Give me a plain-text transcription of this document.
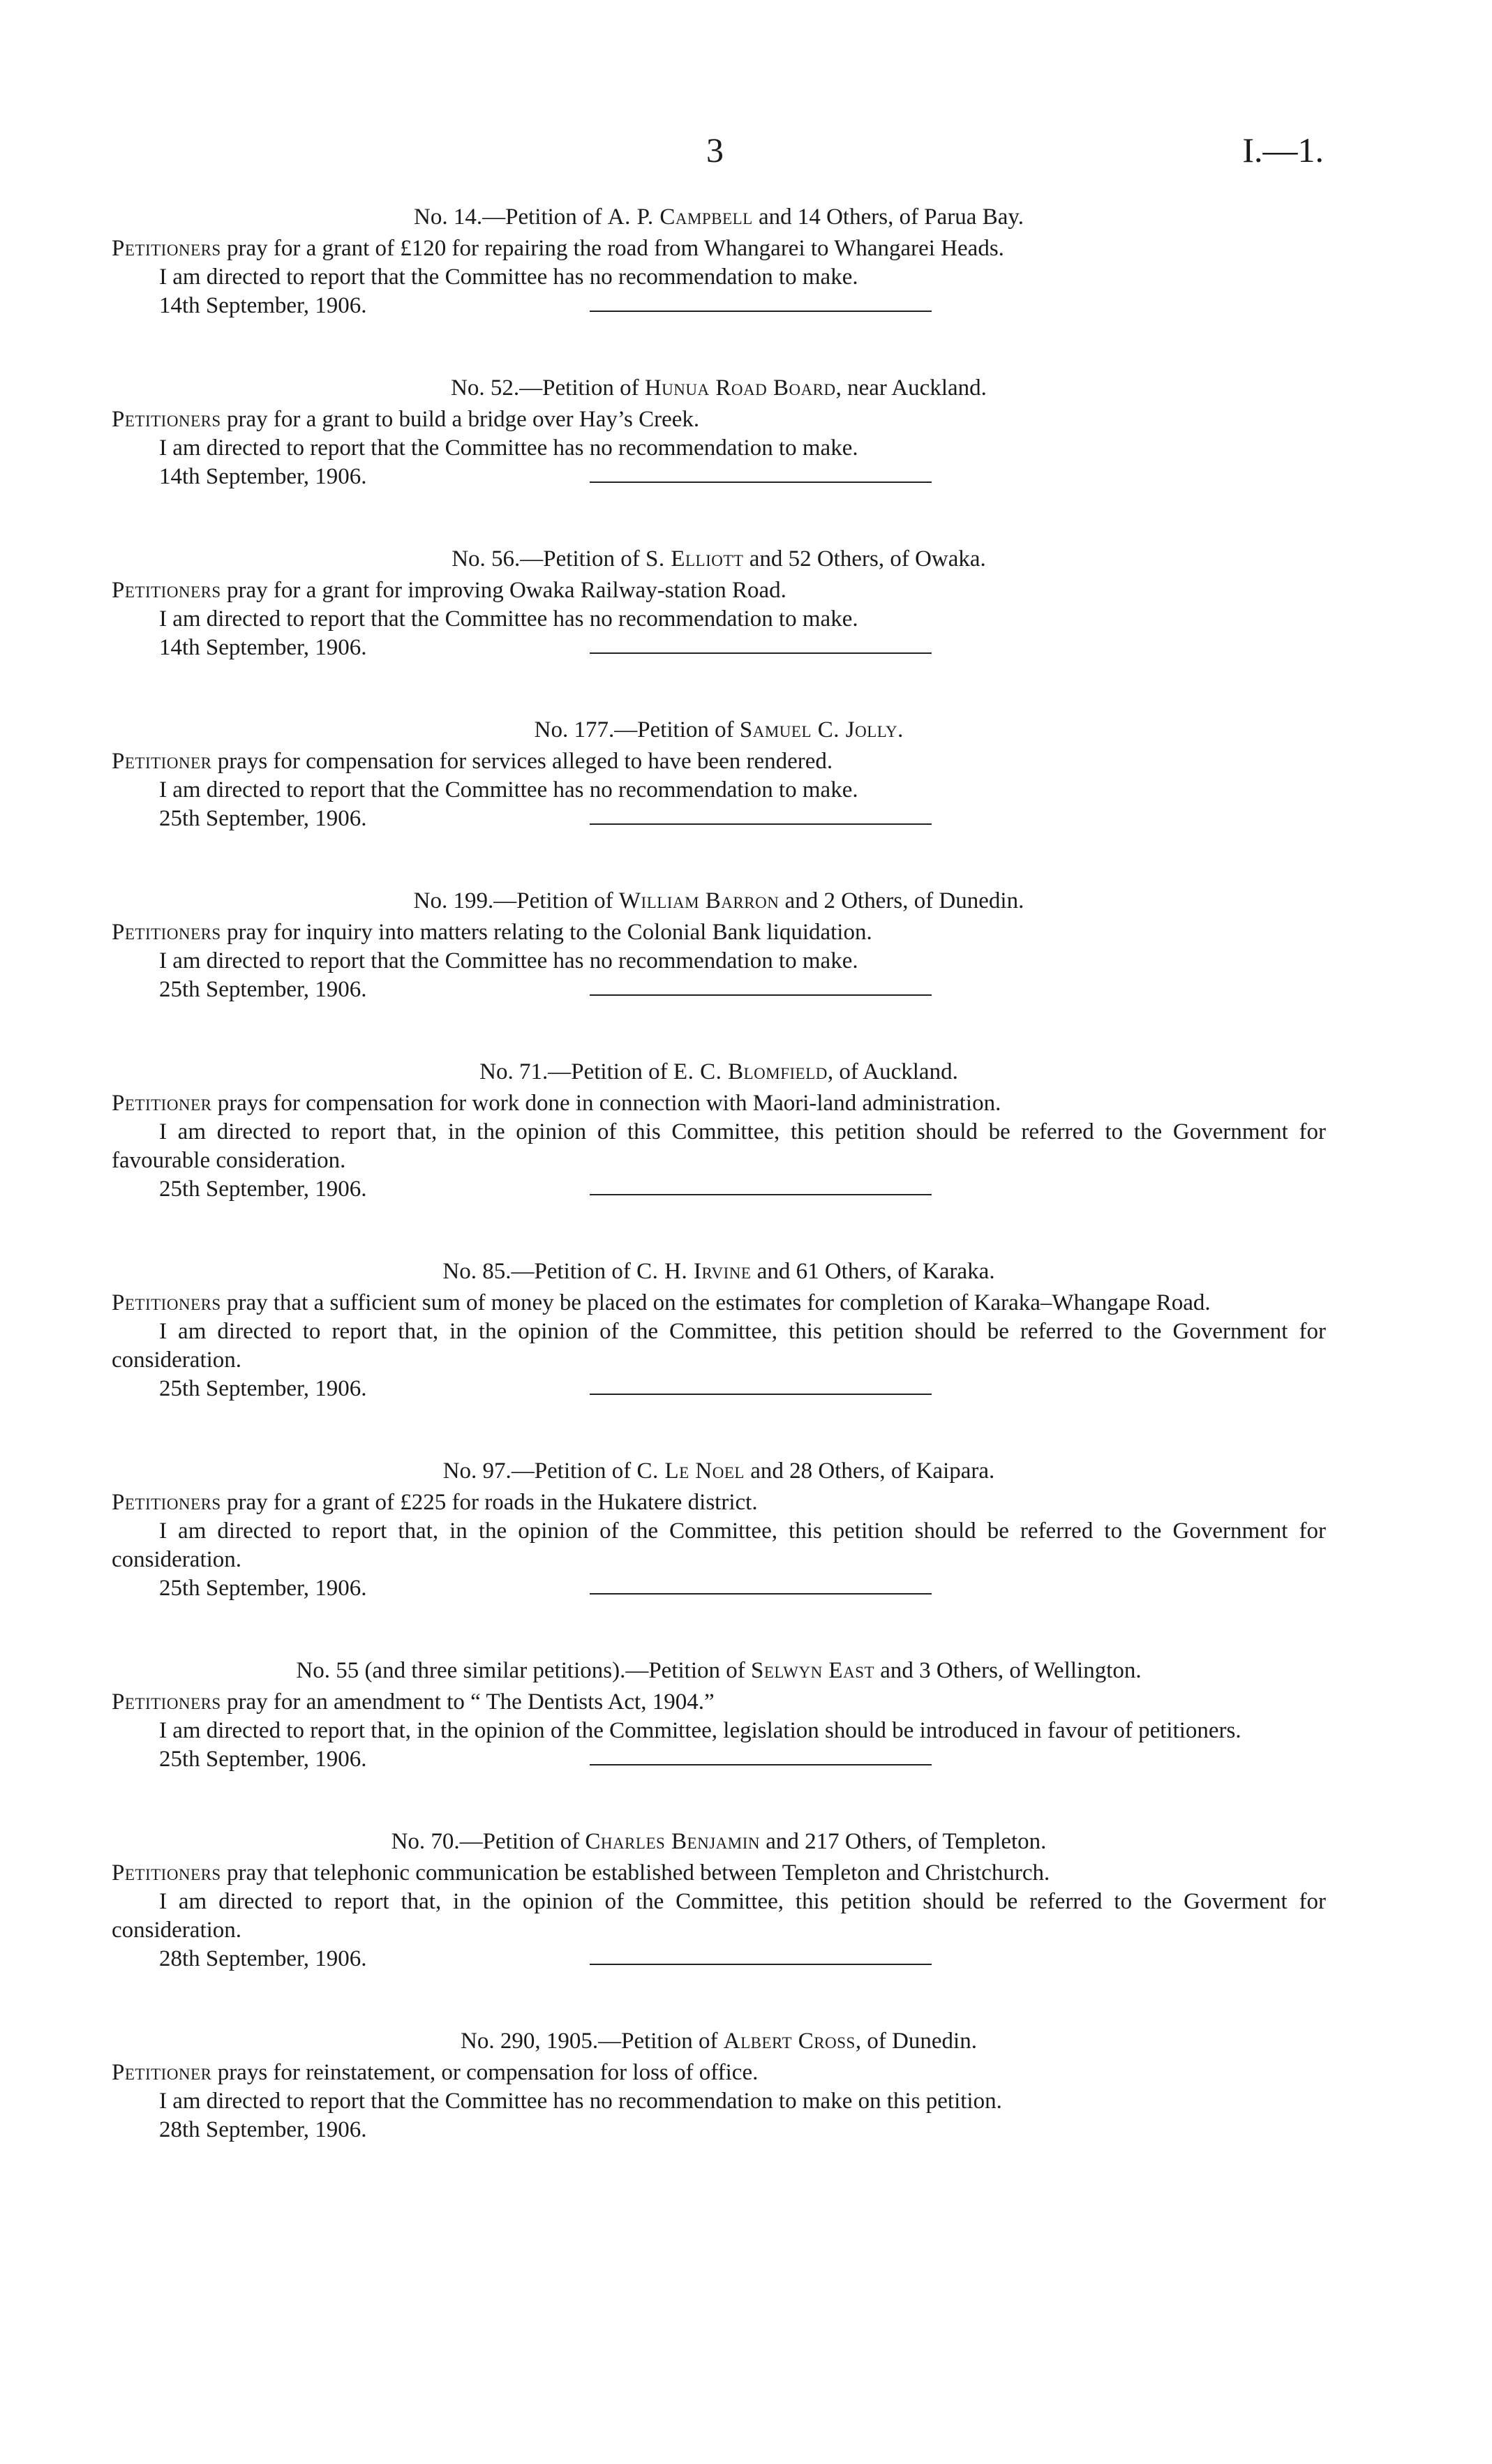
3	I.—1.

No. 14.—Petition of A. P. Campbell and 14 Others, of Parua Bay.

Petitioners pray for a grant of £120 for repairing the road from Whangarei to Whangarei Heads.

I am directed to report that the Committee has no recommendation to make.

14th September, 1906.

No. 52.—Petition of Hunua Road Board, near Auckland.

Petitioners pray for a grant to build a bridge over Hay’s Creek.

I am directed to report that the Committee has no recommendation to make.

14th September, 1906.

No. 56.—Petition of S. Elliott and 52 Others, of Owaka.

Petitioners pray for a grant for improving Owaka Railway-station Road.

I am directed to report that the Committee has no recommendation to make.

14th September, 1906.

No. 177.—Petition of Samuel C. Jolly.

Petitioner prays for compensation for services alleged to have been rendered.

I am directed to report that the Committee has no recommendation to make.

25th September, 1906.

No. 199.—Petition of William Barron and 2 Others, of Dunedin.

Petitioners pray for inquiry into matters relating to the Colonial Bank liquidation.

I am directed to report that the Committee has no recommendation to make.

25th September, 1906.

No. 71.—Petition of E. C. Blomfield, of Auckland.

Petitioner prays for compensation for work done in connection with Maori-land administration.

I am directed to report that, in the opinion of this Committee, this petition should be referred to the Government for favourable consideration.

25th September, 1906.

No. 85.—Petition of C. H. Irvine and 61 Others, of Karaka.

Petitioners pray that a sufficient sum of money be placed on the estimates for completion of Karaka–Whangape Road.

I am directed to report that, in the opinion of the Committee, this petition should be referred to the Government for consideration.

25th September, 1906.

No. 97.—Petition of C. Le Noel and 28 Others, of Kaipara.

Petitioners pray for a grant of £225 for roads in the Hukatere district.

I am directed to report that, in the opinion of the Committee, this petition should be referred to the Government for consideration.

25th September, 1906.

No. 55 (and three similar petitions).—Petition of Selwyn East and 3 Others, of Wellington.

Petitioners pray for an amendment to “ The Dentists Act, 1904.”

I am directed to report that, in the opinion of the Committee, legislation should be introduced in favour of petitioners.

25th September, 1906.

No. 70.—Petition of Charles Benjamin and 217 Others, of Templeton.

Petitioners pray that telephonic communication be established between Templeton and Christchurch.

I am directed to report that, in the opinion of the Committee, this petition should be referred to the Goverment for consideration.

28th September, 1906.

No. 290, 1905.—Petition of Albert Cross, of Dunedin.

Petitioner prays for reinstatement, or compensation for loss of office.

I am directed to report that the Committee has no recommendation to make on this petition.

28th September, 1906.
